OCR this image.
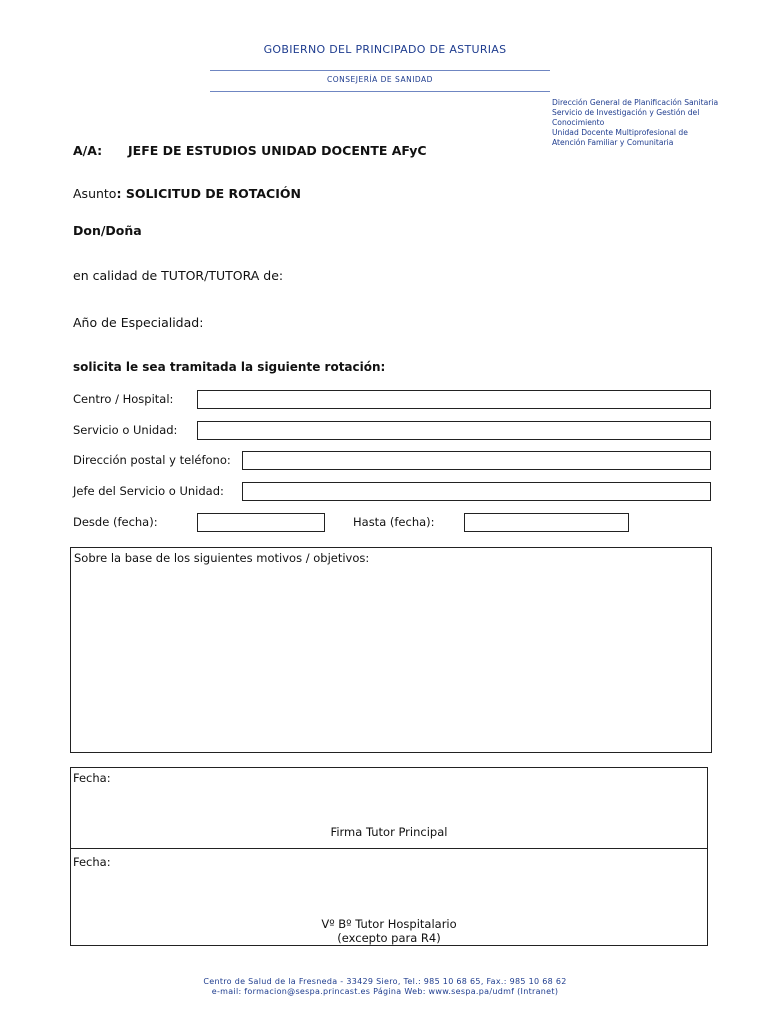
GOBIERNO DEL PRINCIPADO DE ASTURIAS
CONSEJERÍA DE SANIDAD
Dirección General de Planificación Sanitaria
Servicio de Investigación y Gestión del
Conocimiento
Unidad Docente Multiprofesional de
Atención Familiar y Comunitaria
A/A: JEFE DE ESTUDIOS UNIDAD DOCENTE AFyC
Asunto: SOLICITUD DE ROTACIÓN
Don/Doña
en calidad de TUTOR/TUTORA de:
Año de Especialidad:
solicita le sea tramitada la siguiente rotación:
Centro / Hospital:
Servicio o Unidad:
Dirección postal y teléfono:
Jefe del Servicio o Unidad:
Desde (fecha):	Hasta (fecha):
Sobre la base de los siguientes motivos / objetivos:
Fecha:
Firma Tutor Principal
Fecha:
Vº Bº Tutor Hospitalario
(excepto para R4)
Centro de Salud de la Fresneda - 33429 Siero, Tel.: 985 10 68 65, Fax.: 985 10 68 62
e-mail: formacion@sespa.princast.es Página Web: www.sespa.pa/udmf (Intranet)
